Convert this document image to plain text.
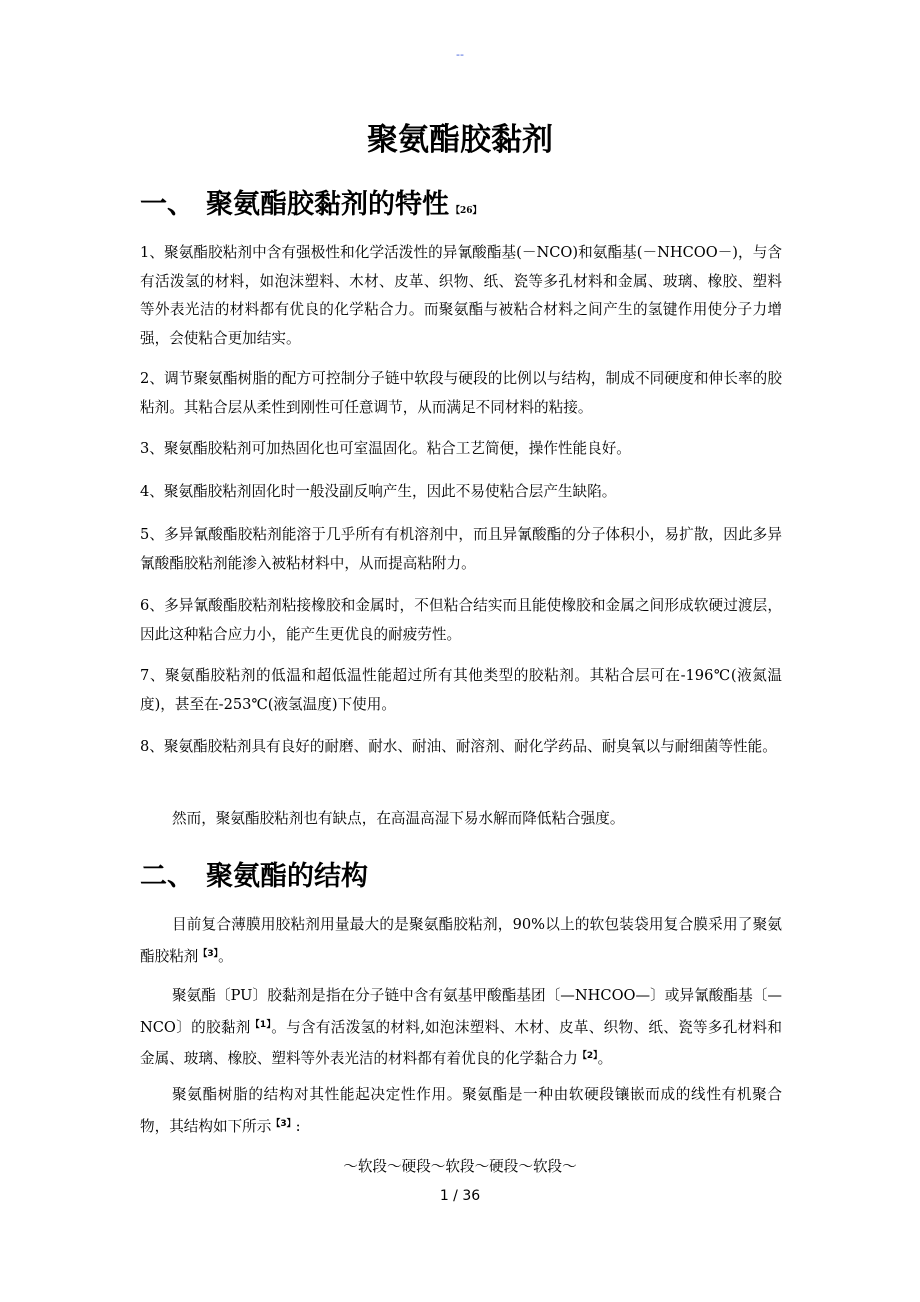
--
聚氨酯胶黏剂
一、 聚氨酯胶黏剂的特性$_{【26】}$

1、聚氨酯胶粘剂中含有强极性和化学活泼性的异氰酸酯基(－NCO)和氨酯基(－NHCOO－)，与含有活泼氢的材料，如泡沫塑料、木材、皮革、织物、纸、瓷等多孔材料和金属、玻璃、橡胶、塑料等外表光洁的材料都有优良的化学粘合力。而聚氨酯与被粘合材料之间产生的氢键作用使分子力增强，会使粘合更加结实。

2、调节聚氨酯树脂的配方可控制分子链中软段与硬段的比例以与结构，制成不同硬度和伸长率的胶粘剂。其粘合层从柔性到刚性可任意调节，从而满足不同材料的粘接。

3、聚氨酯胶粘剂可加热固化也可室温固化。粘合工艺简便，操作性能良好。

4、聚氨酯胶粘剂固化时一般没副反响产生，因此不易使粘合层产生缺陷。

5、多异氰酸酯胶粘剂能溶于几乎所有有机溶剂中，而且异氰酸酯的分子体积小，易扩散，因此多异氰酸酯胶粘剂能渗入被粘材料中，从而提高粘附力。

6、多异氰酸酯胶粘剂粘接橡胶和金属时，不但粘合结实而且能使橡胶和金属之间形成软硬过渡层，因此这种粘合应力小，能产生更优良的耐疲劳性。

7、聚氨酯胶粘剂的低温和超低温性能超过所有其他类型的胶粘剂。其粘合层可在-196℃(液氮温度)，甚至在-253℃(液氢温度)下使用。

8、聚氨酯胶粘剂具有良好的耐磨、耐水、耐油、耐溶剂、耐化学药品、耐臭氧以与耐细菌等性能。

然而，聚氨酯胶粘剂也有缺点，在高温高湿下易水解而降低粘合强度。

二、 聚氨酯的结构

目前复合薄膜用胶粘剂用量最大的是聚氨酯胶粘剂，90%以上的软包装袋用复合膜采用了聚氨酯胶粘剂$^{【3】}$。

聚氨酯〔PU〕胶黏剂是指在分子链中含有氨基甲酸酯基团〔—NHCOO—〕或异氰酸酯基〔—NCO〕的胶黏剂$^{【1】}$。与含有活泼氢的材料,如泡沫塑料、木材、皮革、织物、纸、瓷等多孔材料和金属、玻璃、橡胶、塑料等外表光洁的材料都有着优良的化学黏合力$^{【2】}$。

聚氨酯树脂的结构对其性能起决定性作用。聚氨酯是一种由软硬段镶嵌而成的线性有机聚合物，其结构如下所示$^{【3】}$:

～软段～硬段～软段～硬段～软段～
1 / 36
